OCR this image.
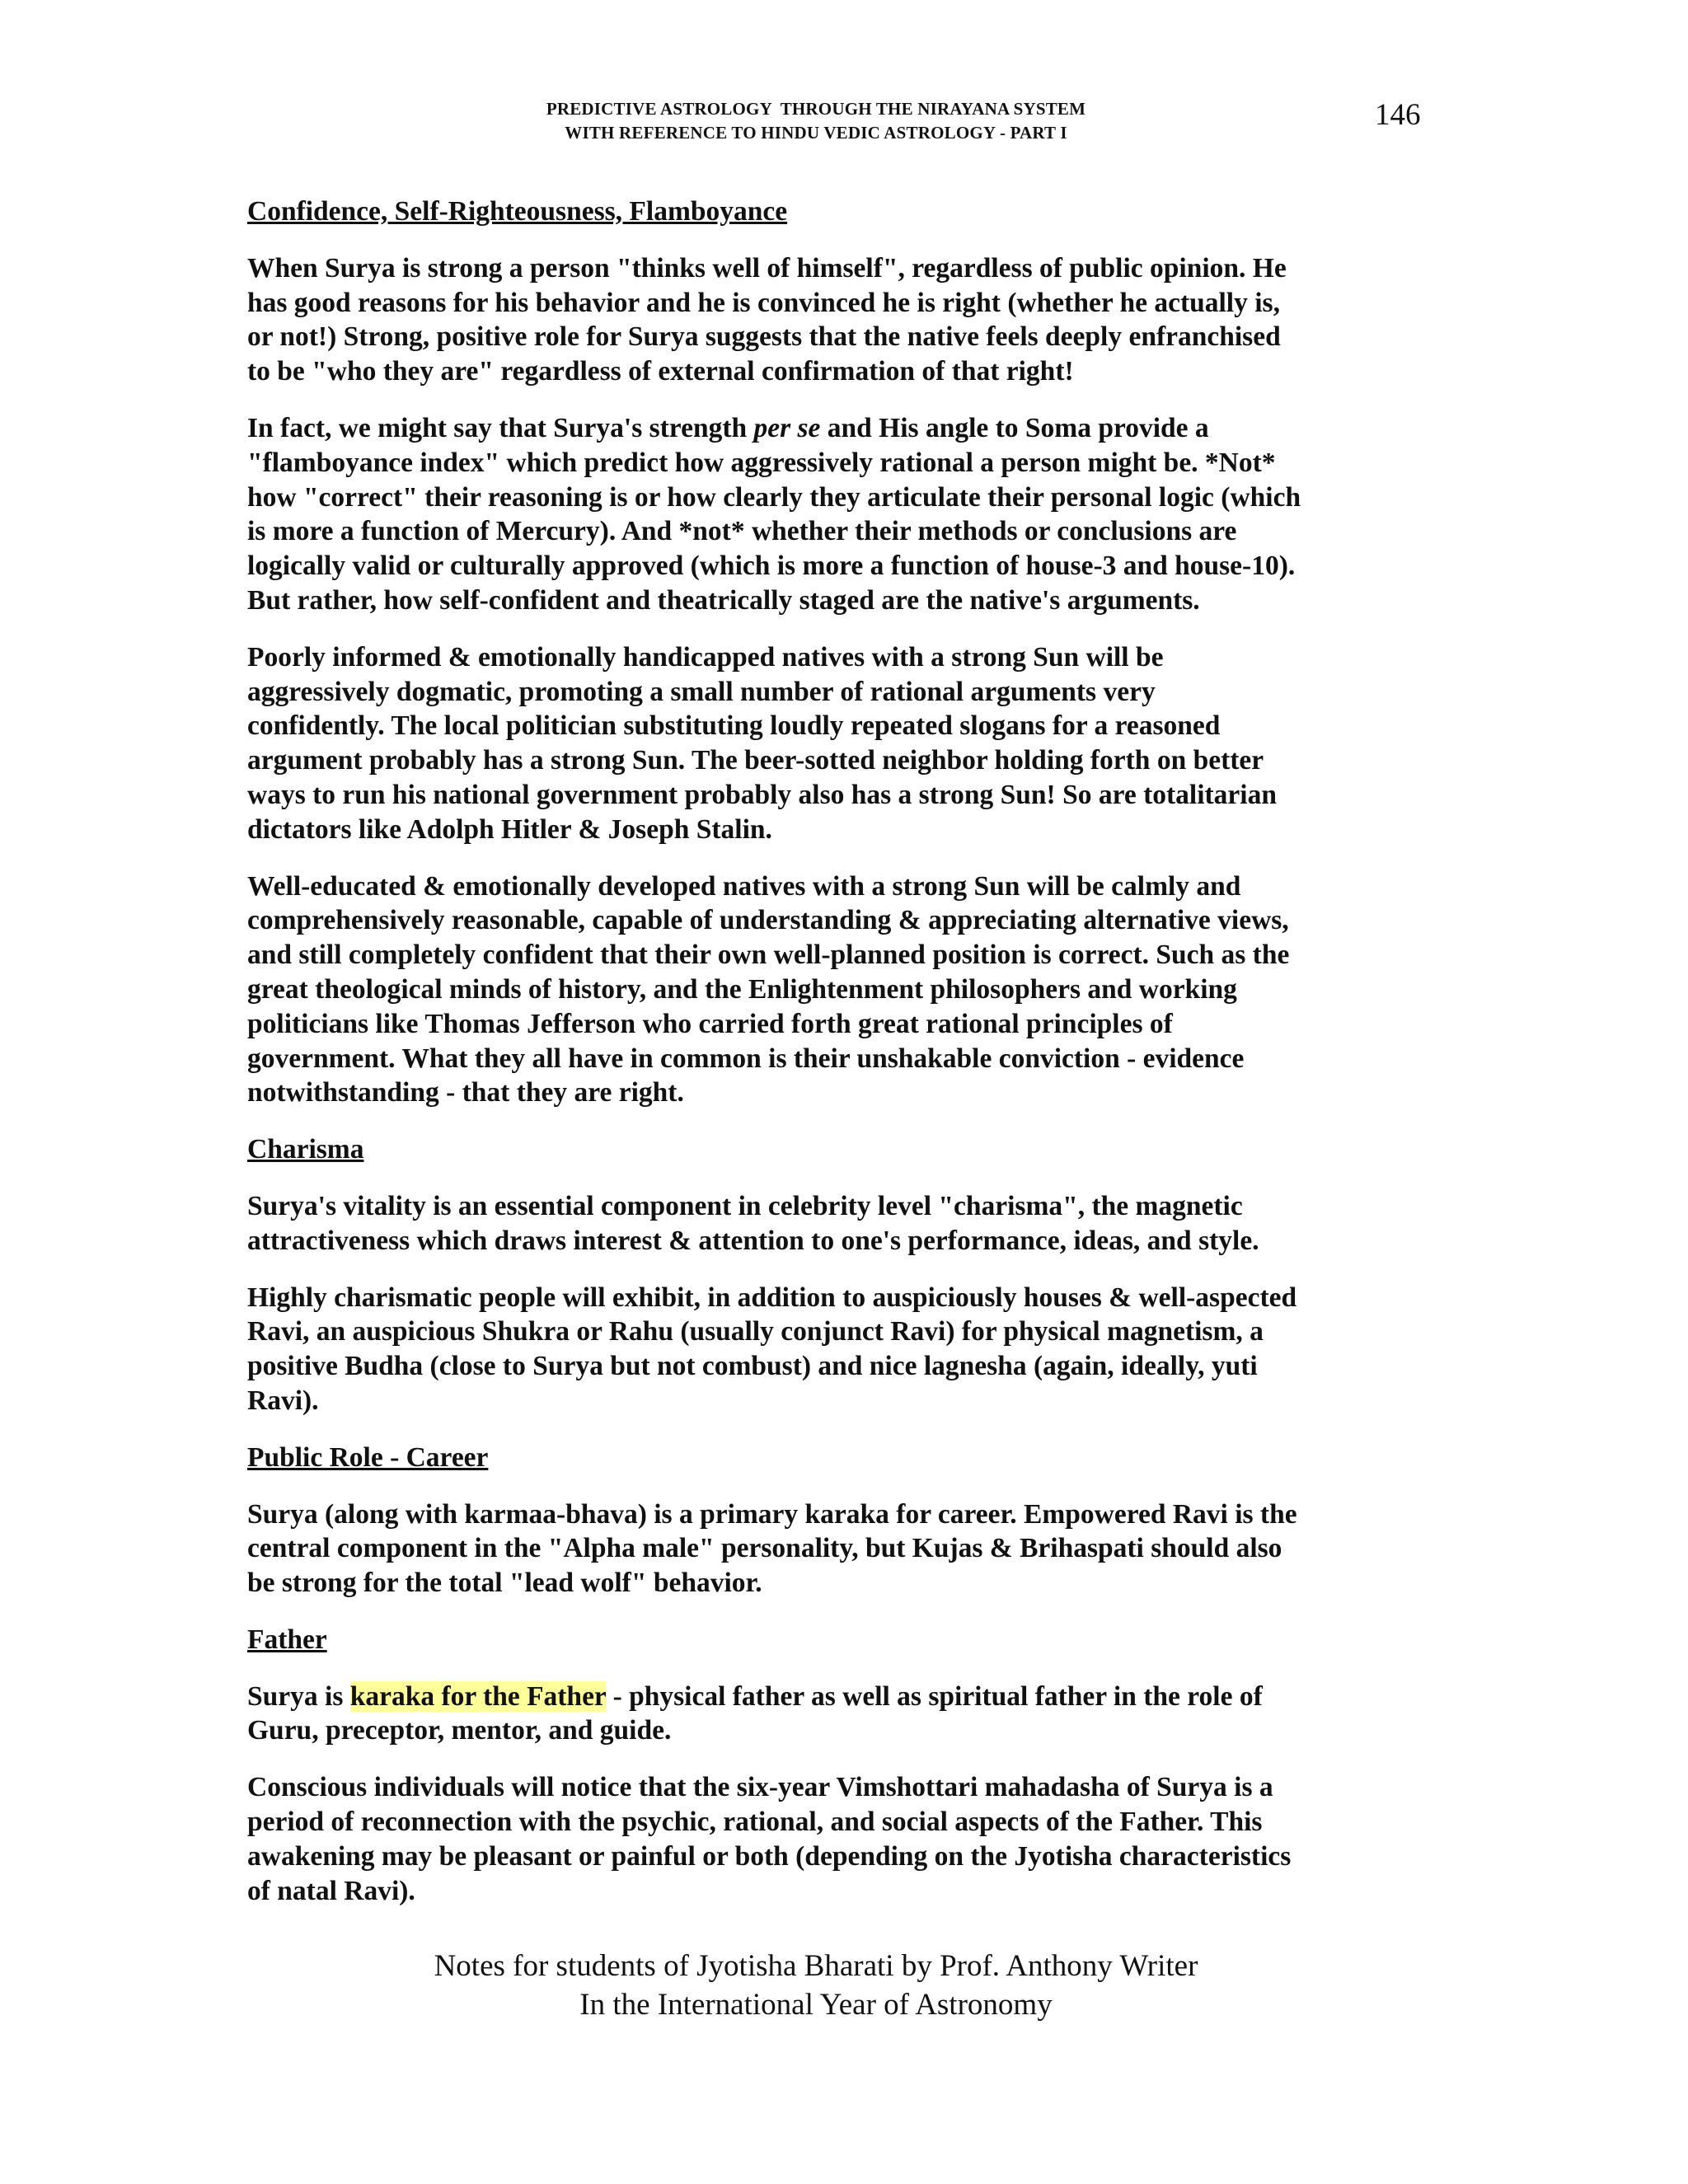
PREDICTIVE ASTROLOGY  THROUGH THE NIRAYANA SYSTEM
WITH REFERENCE TO HINDU VEDIC ASTROLOGY - PART I
146
Confidence, Self-Righteousness, Flamboyance

When Surya is strong a person "thinks well of himself", regardless of public opinion. He
has good reasons for his behavior and he is convinced he is right (whether he actually is,
or not!) Strong, positive role for Surya suggests that the native feels deeply enfranchised
to be "who they are" regardless of external confirmation of that right!

In fact, we might say that Surya's strength per se and His angle to Soma provide a
"flamboyance index" which predict how aggressively rational a person might be. *Not*
how "correct" their reasoning is or how clearly they articulate their personal logic (which
is more a function of Mercury). And *not* whether their methods or conclusions are
logically valid or culturally approved (which is more a function of house-3 and house-10).
But rather, how self-confident and theatrically staged are the native's arguments.

Poorly informed & emotionally handicapped natives with a strong Sun will be
aggressively dogmatic, promoting a small number of rational arguments very
confidently. The local politician substituting loudly repeated slogans for a reasoned
argument probably has a strong Sun. The beer-sotted neighbor holding forth on better
ways to run his national government probably also has a strong Sun! So are totalitarian
dictators like Adolph Hitler & Joseph Stalin.

Well-educated & emotionally developed natives with a strong Sun will be calmly and
comprehensively reasonable, capable of understanding & appreciating alternative views,
and still completely confident that their own well-planned position is correct. Such as the
great theological minds of history, and the Enlightenment philosophers and working
politicians like Thomas Jefferson who carried forth great rational principles of
government. What they all have in common is their unshakable conviction - evidence
notwithstanding - that they are right.

Charisma

Surya's vitality is an essential component in celebrity level "charisma", the magnetic
attractiveness which draws interest & attention to one's performance, ideas, and style.

Highly charismatic people will exhibit, in addition to auspiciously houses & well-aspected
Ravi, an auspicious Shukra or Rahu (usually conjunct Ravi) for physical magnetism, a
positive Budha (close to Surya but not combust) and nice lagnesha (again, ideally, yuti
Ravi).

Public Role - Career

Surya (along with karmaa-bhava) is a primary karaka for career. Empowered Ravi is the
central component in the "Alpha male" personality, but Kujas & Brihaspati should also
be strong for the total "lead wolf" behavior.

Father

Surya is karaka for the Father - physical father as well as spiritual father in the role of
Guru, preceptor, mentor, and guide.

Conscious individuals will notice that the six-year Vimshottari mahadasha of Surya is a
period of reconnection with the psychic, rational, and social aspects of the Father. This
awakening may be pleasant or painful or both (depending on the Jyotisha characteristics
of natal Ravi).

Notes for students of Jyotisha Bharati by Prof. Anthony Writer
In the International Year of Astronomy
